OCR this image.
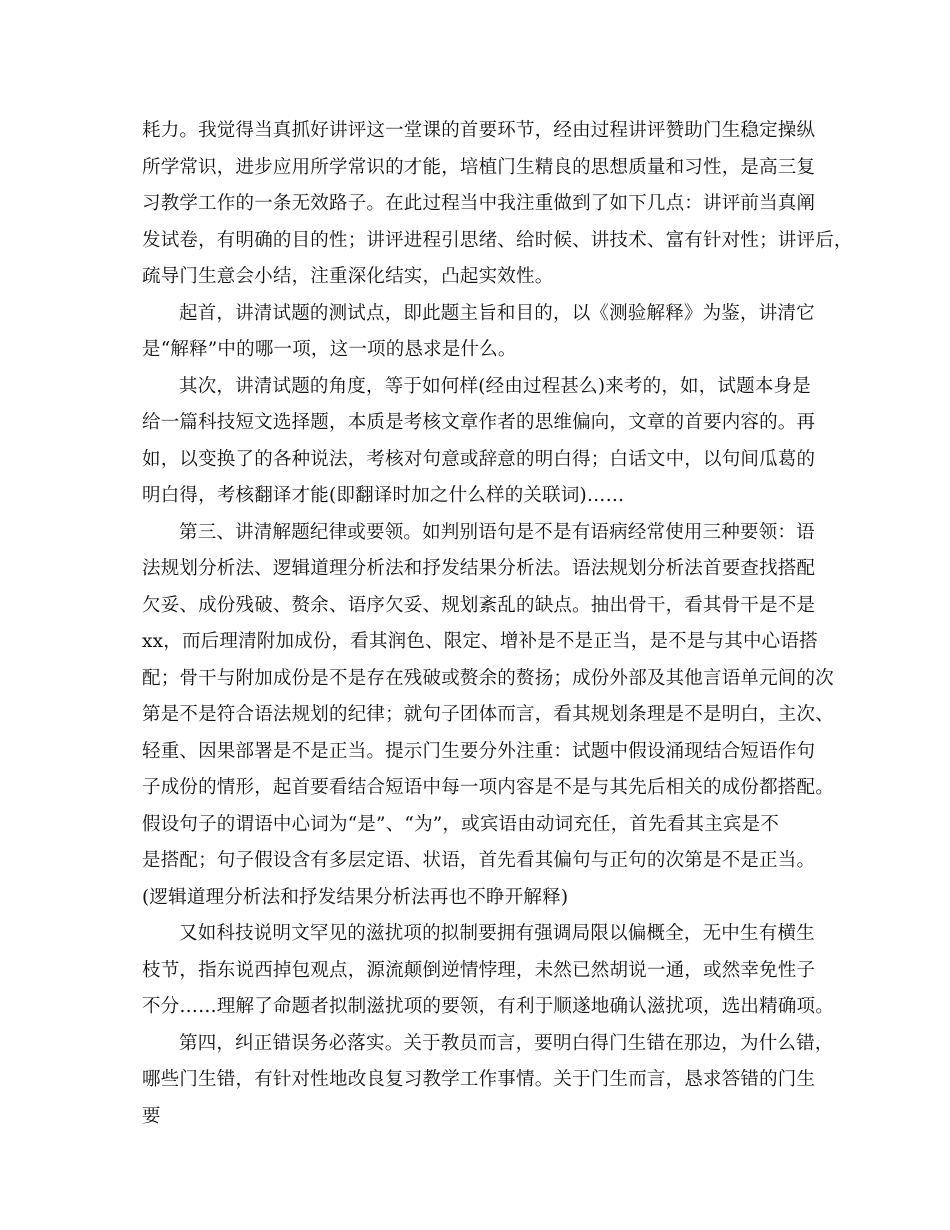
耗力。我觉得当真抓好讲评这一堂课的首要环节，经由过程讲评赞助门生稳定操纵
所学常识，进步应用所学常识的才能，培植门生精良的思想质量和习性，是高三复
习教学工作的一条无效路子。在此过程当中我注重做到了如下几点：讲评前当真阐
发试卷，有明确的目的性；讲评进程引思绪、给时候、讲技术、富有针对性；讲评后，
疏导门生意会小结，注重深化结实，凸起实效性。
起首，讲清试题的测试点，即此题主旨和目的，以《测验解释》为鉴，讲清它
是“解释”中的哪一项，这一项的恳求是什么。
其次，讲清试题的角度，等于如何样(经由过程甚么)来考的，如，试题本身是
给一篇科技短文选择题，本质是考核文章作者的思维偏向，文章的首要内容的。再
如，以变换了的各种说法，考核对句意或辞意的明白得；白话文中，以句间瓜葛的
明白得，考核翻译才能(即翻译时加之什么样的关联词)……
第三、讲清解题纪律或要领。如判别语句是不是有语病经常使用三种要领：语
法规划分析法、逻辑道理分析法和抒发结果分析法。语法规划分析法首要查找搭配
欠妥、成份残破、赘余、语序欠妥、规划紊乱的缺点。抽出骨干，看其骨干是不是
xx，而后理清附加成份，看其润色、限定、增补是不是正当，是不是与其中心语搭
配；骨干与附加成份是不是存在残破或赘余的赘扬；成份外部及其他言语单元间的次
第是不是符合语法规划的纪律；就句子团体而言，看其规划条理是不是明白，主次、
轻重、因果部署是不是正当。提示门生要分外注重：试题中假设涌现结合短语作句
子成份的情形，起首要看结合短语中每一项内容是不是与其先后相关的成份都搭配。
假设句子的谓语中心词为“是”、“为”，或宾语由动词充任，首先看其主宾是不
是搭配；句子假设含有多层定语、状语，首先看其偏句与正句的次第是不是正当。
(逻辑道理分析法和抒发结果分析法再也不睁开解释)
又如科技说明文罕见的滋扰项的拟制要拥有强调局限以偏概全，无中生有横生
枝节，指东说西掉包观点，源流颠倒逆情悖理，未然已然胡说一通，或然幸免性子
不分……理解了命题者拟制滋扰项的要领，有利于顺遂地确认滋扰项，选出精确项。
第四，纠正错误务必落实。关于教员而言，要明白得门生错在那边，为什么错，
哪些门生错，有针对性地改良复习教学工作事情。关于门生而言，恳求答错的门生
要
